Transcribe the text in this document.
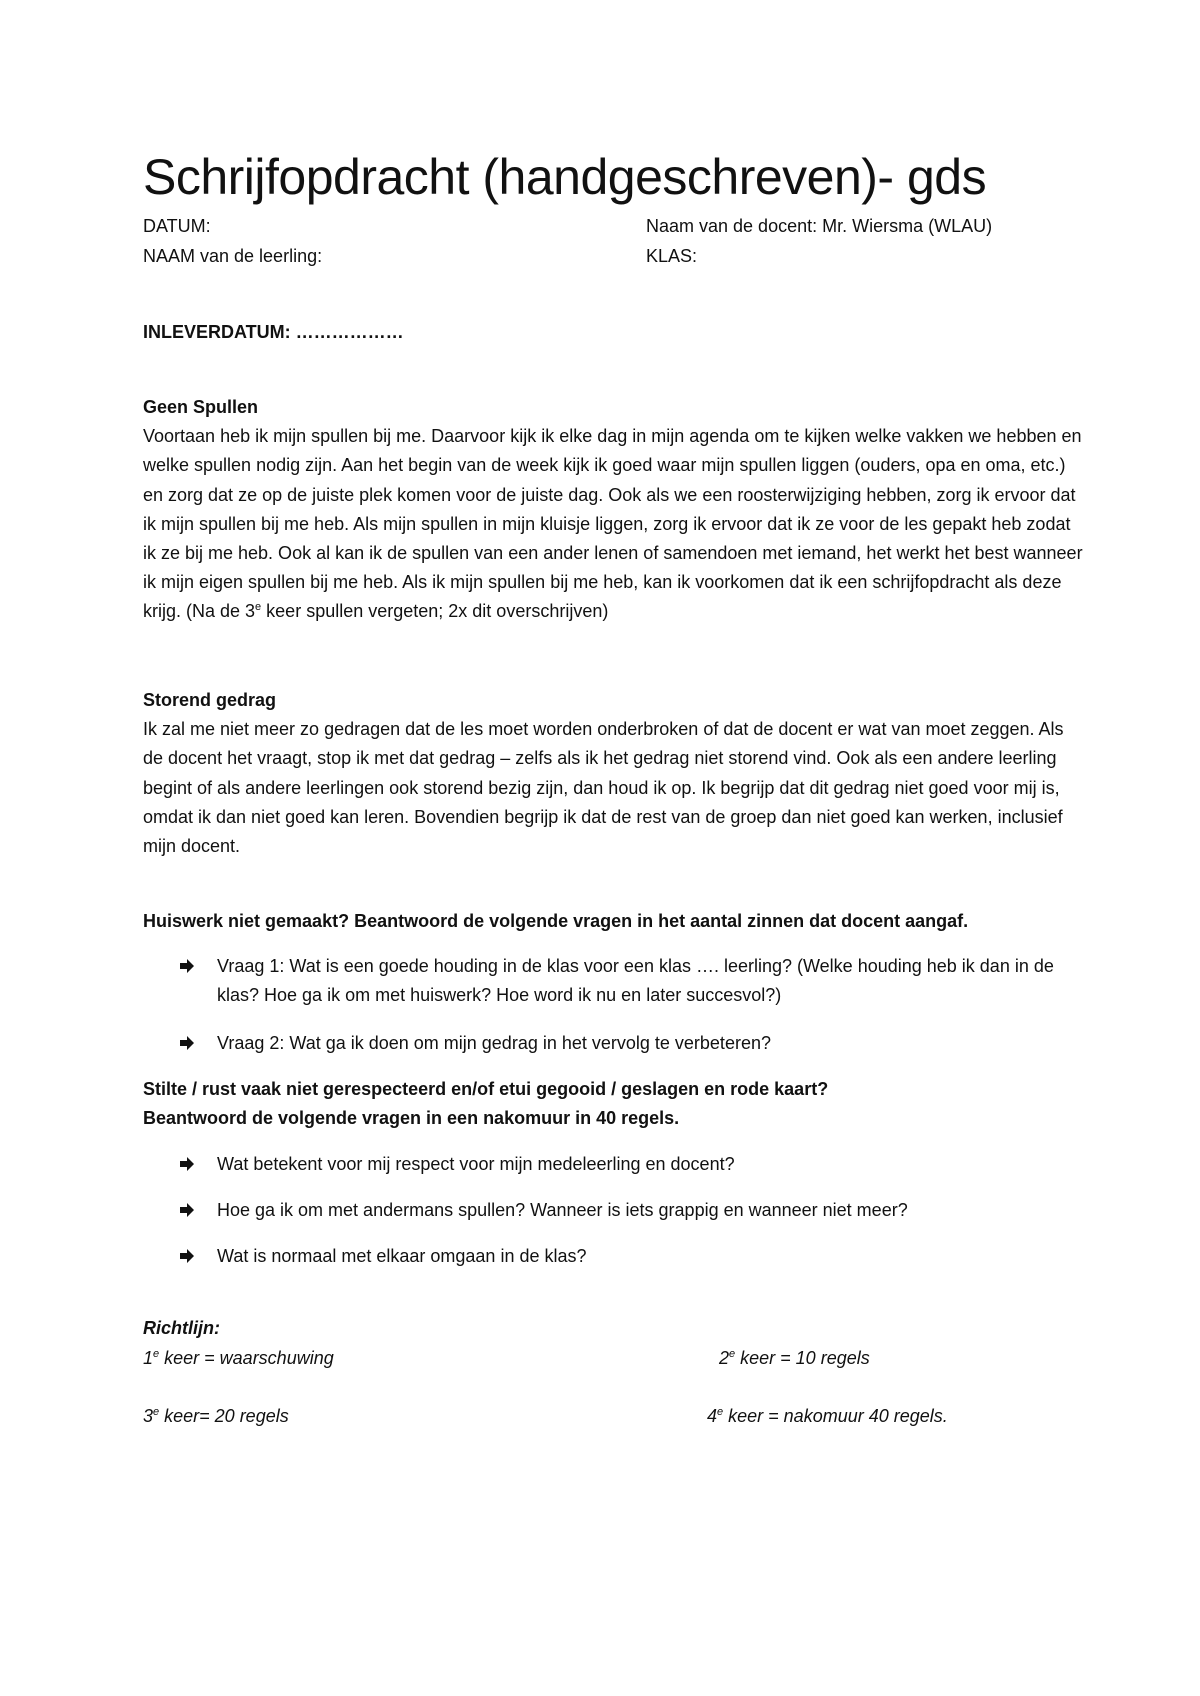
Schrijfopdracht (handgeschreven)- gds
DATUM:	Naam van de docent: Mr. Wiersma (WLAU)
NAAM van de leerling:	KLAS:
INLEVERDATUM: ………………
Geen Spullen

Voortaan heb ik mijn spullen bij me. Daarvoor kijk ik elke dag in mijn agenda om te kijken welke vakken we hebben en welke spullen nodig zijn. Aan het begin van de week kijk ik goed waar mijn spullen liggen (ouders, opa en oma, etc.) en zorg dat ze op de juiste plek komen voor de juiste dag. Ook als we een roosterwijziging hebben, zorg ik ervoor dat ik mijn spullen bij me heb. Als mijn spullen in mijn kluisje liggen, zorg ik ervoor dat ik ze voor de les gepakt heb zodat ik ze bij me heb. Ook al kan ik de spullen van een ander lenen of samendoen met iemand, het werkt het best wanneer ik mijn eigen spullen bij me heb. Als ik mijn spullen bij me heb, kan ik voorkomen dat ik een schrijfopdracht als deze krijg. (Na de 3e keer spullen vergeten; 2x dit overschrijven)

Storend gedrag

Ik zal me niet meer zo gedragen dat de les moet worden onderbroken of dat de docent er wat van moet zeggen. Als de docent het vraagt, stop ik met dat gedrag – zelfs als ik het gedrag niet storend vind. Ook als een andere leerling begint of als andere leerlingen ook storend bezig zijn, dan houd ik op. Ik begrijp dat dit gedrag niet goed voor mij is, omdat ik dan niet goed kan leren. Bovendien begrijp ik dat de rest van de groep dan niet goed kan werken, inclusief mijn docent.

Huiswerk niet gemaakt? Beantwoord de volgende vragen in het aantal zinnen dat docent aangaf.
Vraag 1: Wat is een goede houding in de klas voor een klas …. leerling? (Welke houding heb ik dan in de klas? Hoe ga ik om met huiswerk? Hoe word ik nu en later succesvol?)
Vraag 2: Wat ga ik doen om mijn gedrag in het vervolg te verbeteren?
Stilte / rust vaak niet gerespecteerd en/of etui gegooid / geslagen en rode kaart?
Beantwoord de volgende vragen in een nakomuur in 40 regels.
Wat betekent voor mij respect voor mijn medeleerling en docent?
Hoe ga ik om met andermans spullen? Wanneer is iets grappig en wanneer niet meer?
Wat is normaal met elkaar omgaan in de klas?
Richtlijn:
1e keer = waarschuwing	2e keer = 10 regels
3e keer= 20 regels	4e keer = nakomuur 40 regels.
